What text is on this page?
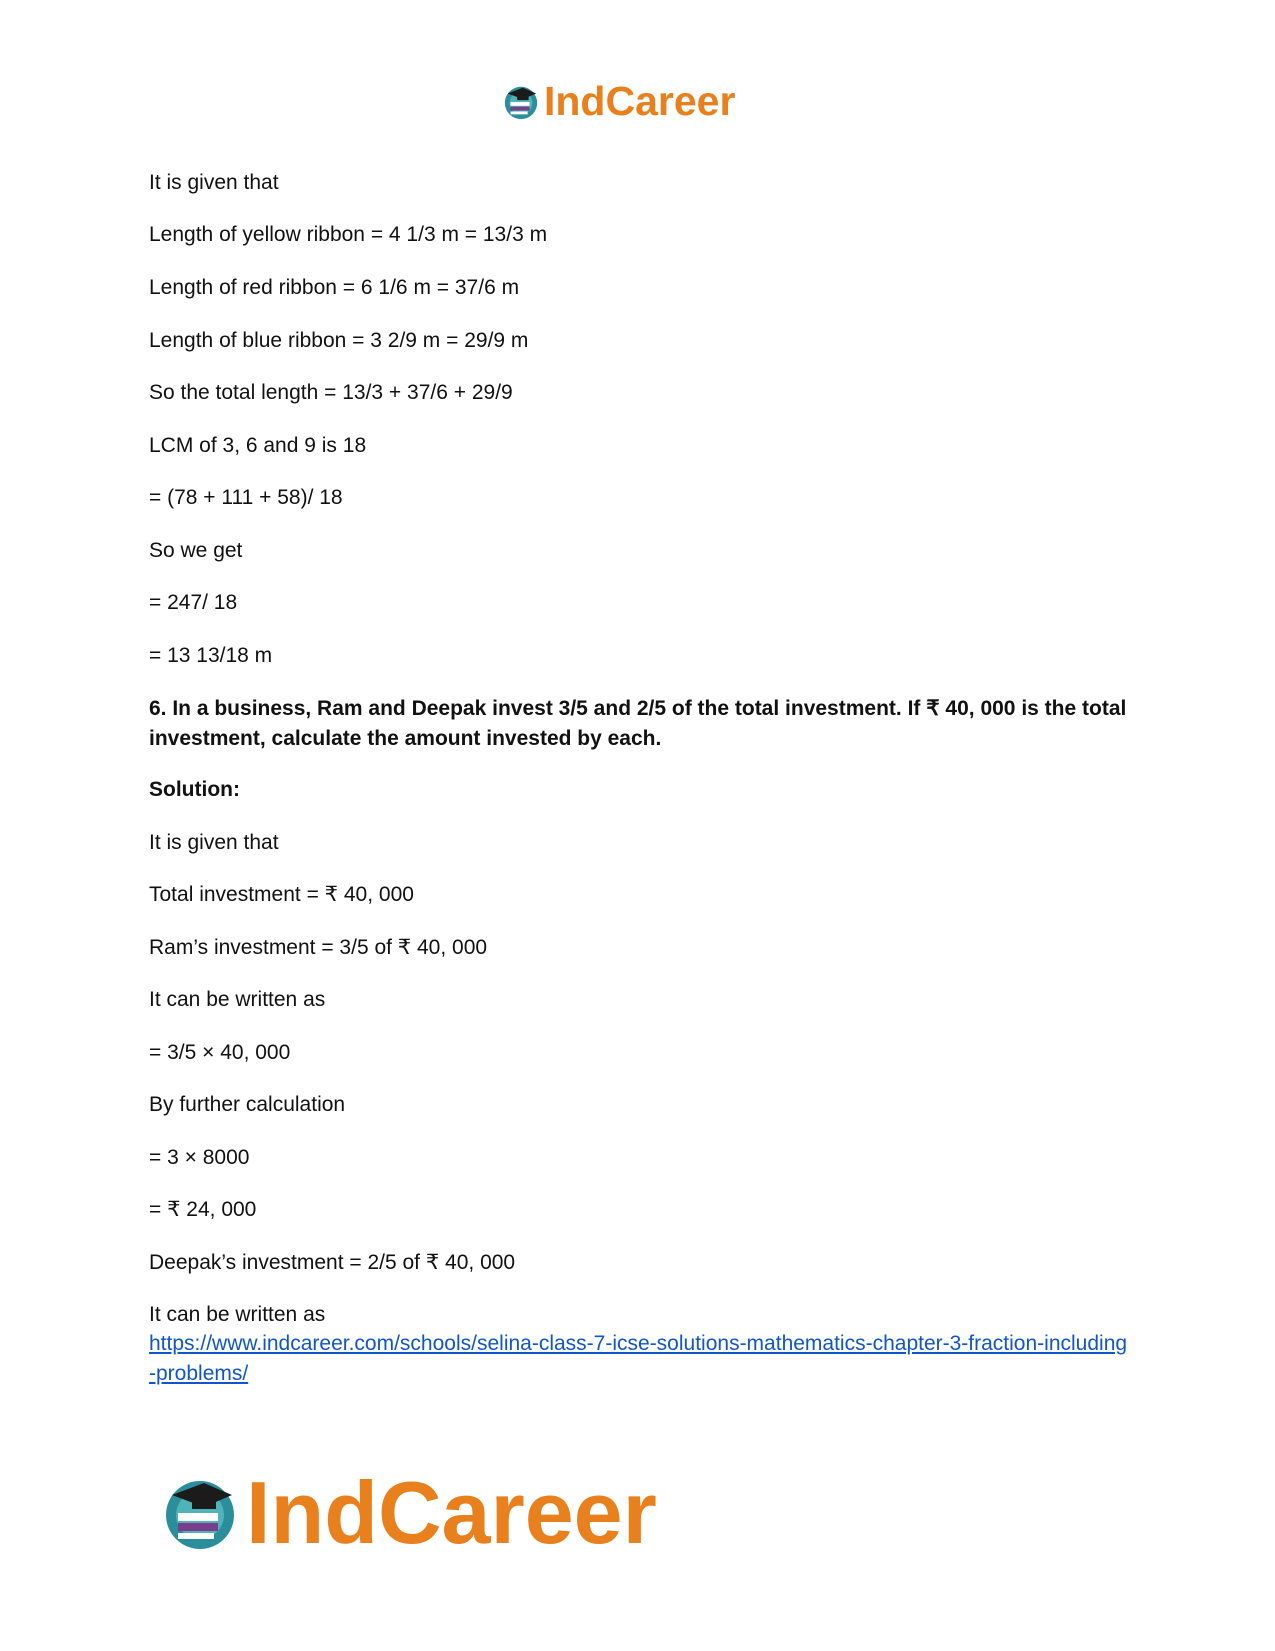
IndCareer
It is given that
Length of yellow ribbon = 4 1/3 m = 13/3 m
Length of red ribbon = 6 1/6 m = 37/6 m
Length of blue ribbon = 3 2/9 m = 29/9 m
So the total length = 13/3 + 37/6 + 29/9
LCM of 3, 6 and 9 is 18
= (78 + 111 + 58)/ 18
So we get
= 247/ 18
= 13 13/18 m
6. In a business, Ram and Deepak invest 3/5 and 2/5 of the total investment. If ₹ 40, 000 is the total investment, calculate the amount invested by each.
Solution:
It is given that
Total investment = ₹ 40, 000
Ram’s investment = 3/5 of ₹ 40, 000
It can be written as
= 3/5 × 40, 000
By further calculation
= 3 × 8000
= ₹ 24, 000
Deepak’s investment = 2/5 of ₹ 40, 000
It can be written as
https://www.indcareer.com/schools/selina-class-7-icse-solutions-mathematics-chapter-3-fraction-including-problems/
IndCareer
